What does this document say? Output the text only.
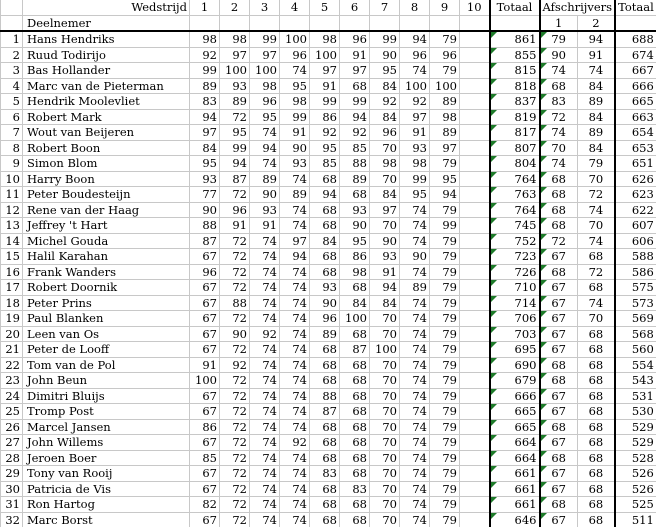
	Wedstrijd	1	2	3	4	5	6	7	8	9	10	Totaal	Afschrijvers		Totaal
	Deelnemer												1	2	
1	Hans Hendriks	98	98	99	100	98	96	99	94	79		861	79	94	688
2	Ruud Todirijo	92	97	97	96	100	91	90	96	96		855	90	91	674
3	Bas Hollander	99	100	100	74	97	97	95	74	79		815	74	74	667
4	Marc van de Pieterman	89	93	98	95	91	68	84	100	100		818	68	84	666
5	Hendrik Moolevliet	83	89	96	98	99	99	92	92	89		837	83	89	665
6	Robert Mark	94	72	95	99	86	94	84	97	98		819	72	84	663
7	Wout van Beijeren	97	95	74	91	92	92	96	91	89		817	74	89	654
8	Robert Boon	84	99	94	90	95	85	70	93	97		807	70	84	653
9	Simon Blom	95	94	74	93	85	88	98	98	79		804	74	79	651
10	Harry Boon	93	87	89	74	68	89	70	99	95		764	68	70	626
11	Peter Boudesteijn	77	72	90	89	94	68	84	95	94		763	68	72	623
12	Rene van der Haag	90	96	93	74	68	93	97	74	79		764	68	74	622
13	Jeffrey 't Hart	88	91	91	74	68	90	70	74	99		745	68	70	607
14	Michel Gouda	87	72	74	97	84	95	90	74	79		752	72	74	606
15	Halil Karahan	67	72	74	94	68	86	93	90	79		723	67	68	588
16	Frank Wanders	96	72	74	74	68	98	91	74	79		726	68	72	586
17	Robert Doornik	67	72	74	74	93	68	94	89	79		710	67	68	575
18	Peter Prins	67	88	74	74	90	84	84	74	79		714	67	74	573
19	Paul Blanken	67	72	74	74	96	100	70	74	79		706	67	70	569
20	Leen van Os	67	90	92	74	89	68	70	74	79		703	67	68	568
21	Peter de Looff	67	72	74	74	68	87	100	74	79		695	67	68	560
22	Tom van de Pol	91	92	74	74	68	68	70	74	79		690	68	68	554
23	John Beun	100	72	74	74	68	68	70	74	79		679	68	68	543
24	Dimitri Bluijs	67	72	74	74	88	68	70	74	79		666	67	68	531
25	Tromp Post	67	72	74	74	87	68	70	74	79		665	67	68	530
26	Marcel Jansen	86	72	74	74	68	68	70	74	79		665	68	68	529
27	John Willems	67	72	74	92	68	68	70	74	79		664	67	68	529
28	Jeroen Boer	85	72	74	74	68	68	70	74	79		664	68	68	528
29	Tony van Rooij	67	72	74	74	83	68	70	74	79		661	67	68	526
30	Patricia de Vis	67	72	74	74	68	83	70	74	79		661	67	68	526
31	Ron Hartog	82	72	74	74	68	68	70	74	79		661	68	68	525
32	Marc Borst	67	72	74	74	68	68	70	74	79		646	67	68	511
